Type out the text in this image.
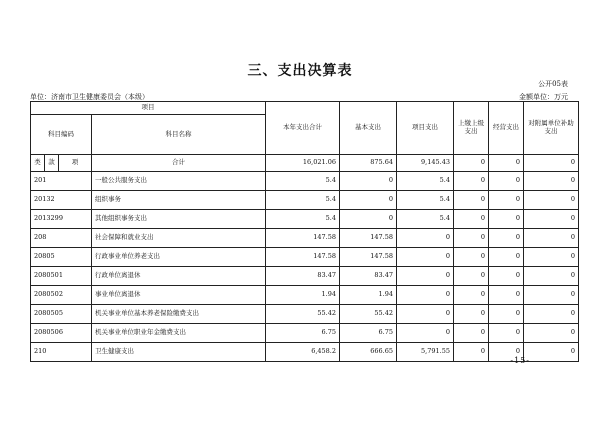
三、支出决算表
公开05表
单位：济南市卫生健康委员会（本级）	金额单位：万元
项目				本年支出合计	基本支出	项目支出	上缴上级支出	经营支出	对附属单位补助支出
科目编码			科目名称						
类	款	项	合计	16,021.06	875.64	9,145.43	0	0	0
201			一般公共服务支出	5.4	0	5.4	0	0	0
20132			组织事务	5.4	0	5.4	0	0	0
2013299			其他组织事务支出	5.4	0	5.4	0	0	0
208			社会保障和就业支出	147.58	147.58	0	0	0	0
20805			行政事业单位养老支出	147.58	147.58	0	0	0	0
2080501			行政单位离退休	83.47	83.47	0	0	0	0
2080502			事业单位离退休	1.94	1.94	0	0	0	0
2080505			机关事业单位基本养老保险缴费支出	55.42	55.42	0	0	0	0
2080506			机关事业单位职业年金缴费支出	6.75	6.75	0	0	0	0
210			卫生健康支出	6,458.2	666.65	5,791.55	0	0	0
-15-
